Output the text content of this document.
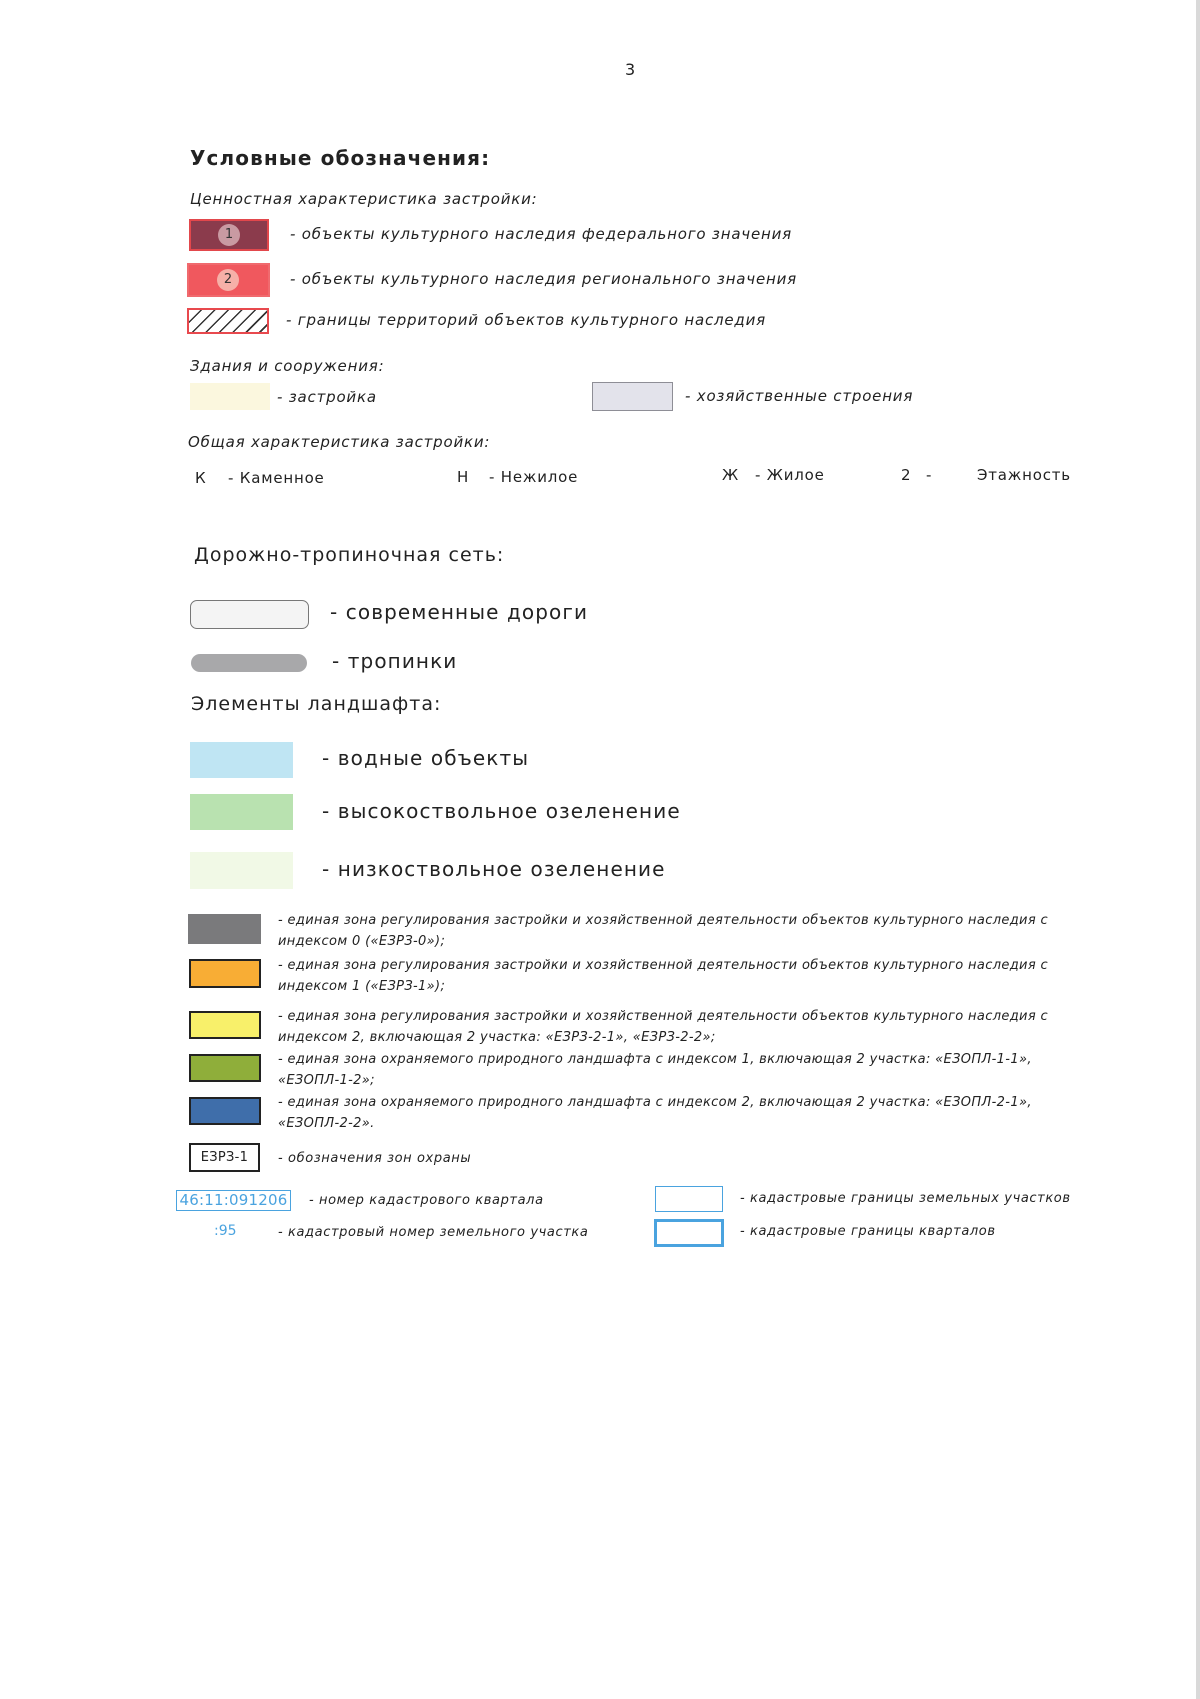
3
Условные обозначения:
Ценностная характеристика застройки:
1	- объекты культурного наследия федерального значения
2	- объекты культурного наследия регионального значения
- границы территорий объектов культурного наследия
Здания и сооружения:
- застройка	- хозяйственные строения
Общая характеристика застройки:
К - Каменное	Н - Нежилое	Ж - Жилое	2 -	Этажность
Дорожно-тропиночная сеть:
- современные дороги
- тропинки
Элементы ландшафта:
- водные объекты
- высокоствольное озеленение
- низкоствольное озеленение
- единая зона регулирования застройки и хозяйственной деятельности объектов культурного наследия с
индексом 0 («ЕЗРЗ-0»);
- единая зона регулирования застройки и хозяйственной деятельности объектов культурного наследия с
индексом 1 («ЕЗРЗ-1»);
- единая зона регулирования застройки и хозяйственной деятельности объектов культурного наследия с
индексом 2, включающая 2 участка: «ЕЗРЗ-2-1», «ЕЗРЗ-2-2»;
- единая зона охраняемого природного ландшафта с индексом 1, включающая 2 участка: «ЕЗОПЛ-1-1»,
«ЕЗОПЛ-1-2»;
- единая зона охраняемого природного ландшафта с индексом 2, включающая 2 участка: «ЕЗОПЛ-2-1»,
«ЕЗОПЛ-2-2».
ЕЗРЗ-1	- обозначения зон охраны
46:11:091206 - номер кадастрового квартала
:95	- кадастровый номер земельного участка
- кадастровые границы земельных участков
- кадастровые границы кварталов
